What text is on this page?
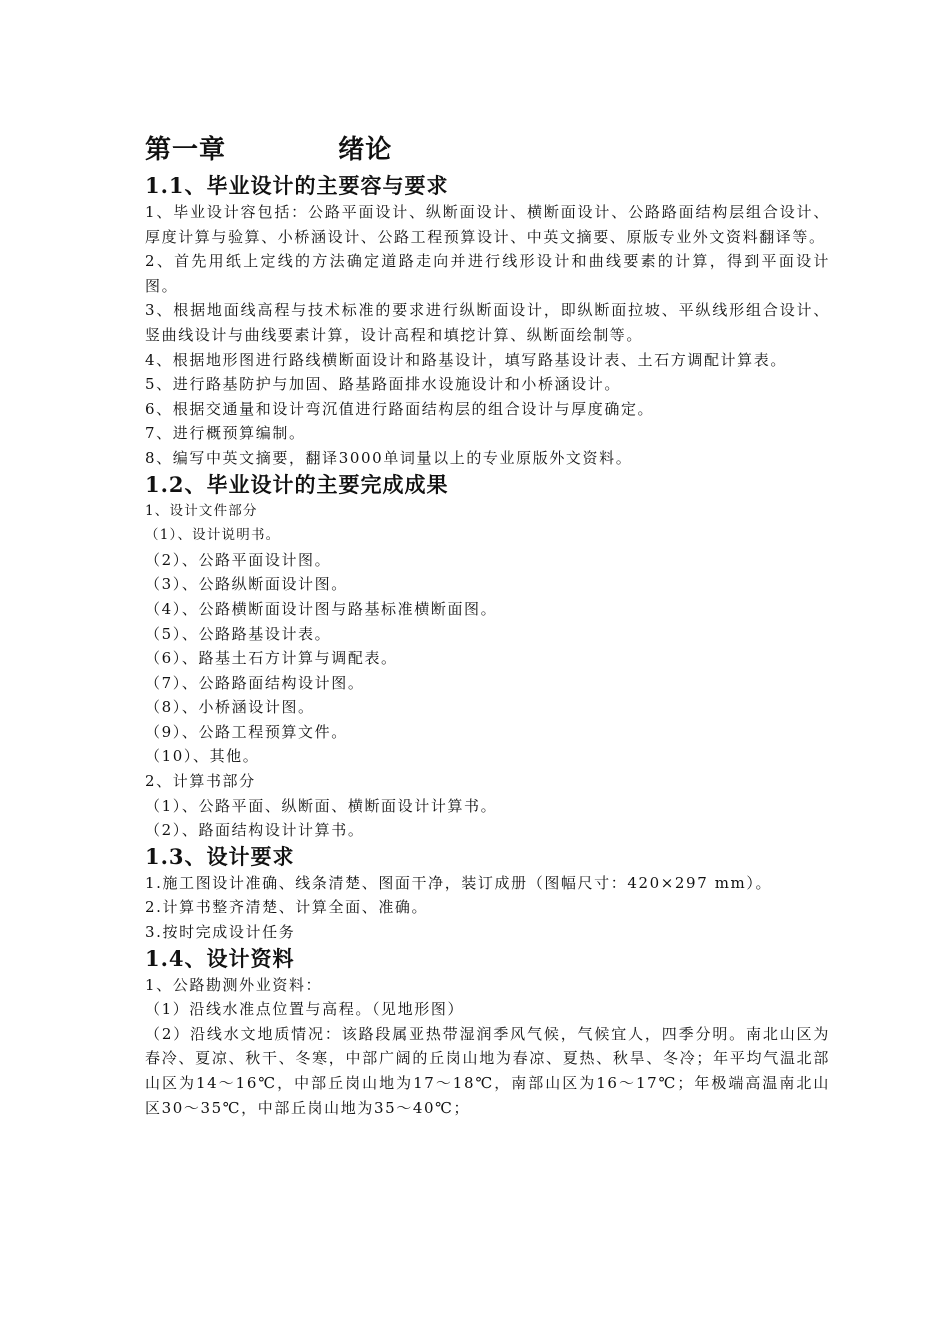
第一章    绪论
1.1、毕业设计的主要容与要求

1、毕业设计容包括：公路平面设计、纵断面设计、横断面设计、公路路面结构层组合设计、厚度计算与验算、小桥涵设计、公路工程预算设计、中英文摘要、原版专业外文资料翻译等。

2、首先用纸上定线的方法确定道路走向并进行线形设计和曲线要素的计算，得到平面设计图。

3、根据地面线高程与技术标准的要求进行纵断面设计，即纵断面拉坡、平纵线形组合设计、竖曲线设计与曲线要素计算，设计高程和填挖计算、纵断面绘制等。

4、根据地形图进行路线横断面设计和路基设计，填写路基设计表、土石方调配计算表。

5、进行路基防护与加固、路基路面排水设施设计和小桥涵设计。

6、根据交通量和设计弯沉值进行路面结构层的组合设计与厚度确定。

7、进行概预算编制。

8、编写中英文摘要，翻译3000单词量以上的专业原版外文资料。

1.2、毕业设计的主要完成成果

1、设计文件部分

（1）、设计说明书。

（2）、公路平面设计图。

（3）、公路纵断面设计图。

（4）、公路横断面设计图与路基标准横断面图。

（5）、公路路基设计表。

（6）、路基土石方计算与调配表。

（7）、公路路面结构设计图。

（8）、小桥涵设计图。

（9）、公路工程预算文件。

（10）、其他。

2、计算书部分

（1）、公路平面、纵断面、横断面设计计算书。

（2）、路面结构设计计算书。

1.3、设计要求

1.施工图设计准确、线条清楚、图面干净，装订成册（图幅尺寸：420×297 mm）。

2.计算书整齐清楚、计算全面、准确。

3.按时完成设计任务

1.4、设计资料

1、公路勘测外业资料：

（1）沿线水准点位置与高程。（见地形图）

（2）沿线水文地质情况：该路段属亚热带湿润季风气候，气候宜人，四季分明。南北山区为春冷、夏凉、秋干、冬寒，中部广阔的丘岗山地为春凉、夏热、秋旱、冬冷；年平均气温北部山区为14～16℃，中部丘岗山地为17～18℃，南部山区为16～17℃；年极端高温南北山区30～35℃，中部丘岗山地为35～40℃；
